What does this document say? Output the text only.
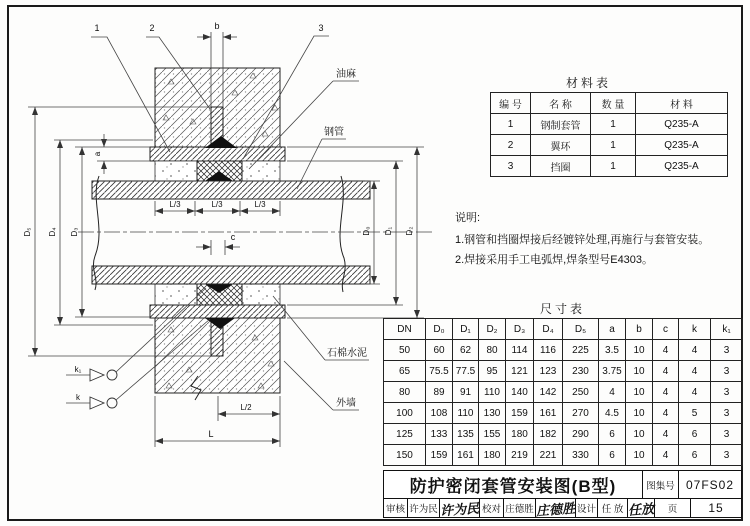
1	2	3
b
L/3	L/3	L/3
c
L/2
L
k₁
k
a
D₀ D₁ D₂
D₃
D₄
D₅
油麻
钢管
石棉水泥
外墙
材料表
编 号	名 称	数 量	材 料
1	钢制套管	1	Q235-A
2	翼环	1	Q235-A
3	挡圈	1	Q235-A
说明:
1.钢管和挡圈焊接后经镀锌处理,再施行与套管安装。
2.焊接采用手工电弧焊,焊条型号E4303。
尺寸表
DN	D₀	D₁	D₂	D₃	D₄	D₅	a	b	c	k	k₁
50	60	62	80	114	116	225	3.5	10	4	4	3
65	75.5	77.5	95	121	123	230	3.75	10	4	4	3
80	89	91	110	140	142	250	4	10	4	4	3
100	108	110	130	159	161	270	4.5	10	4	5	3
125	133	135	155	180	182	290	6	10	4	6	3
150	159	161	180	219	221	330	6	10	4	6	3
防护密闭套管安装图(B型)	图集号 07FS02
审核 许为民 许为民 校对 庄德胜 庄德胜 设计 任 放 任放	页	15
